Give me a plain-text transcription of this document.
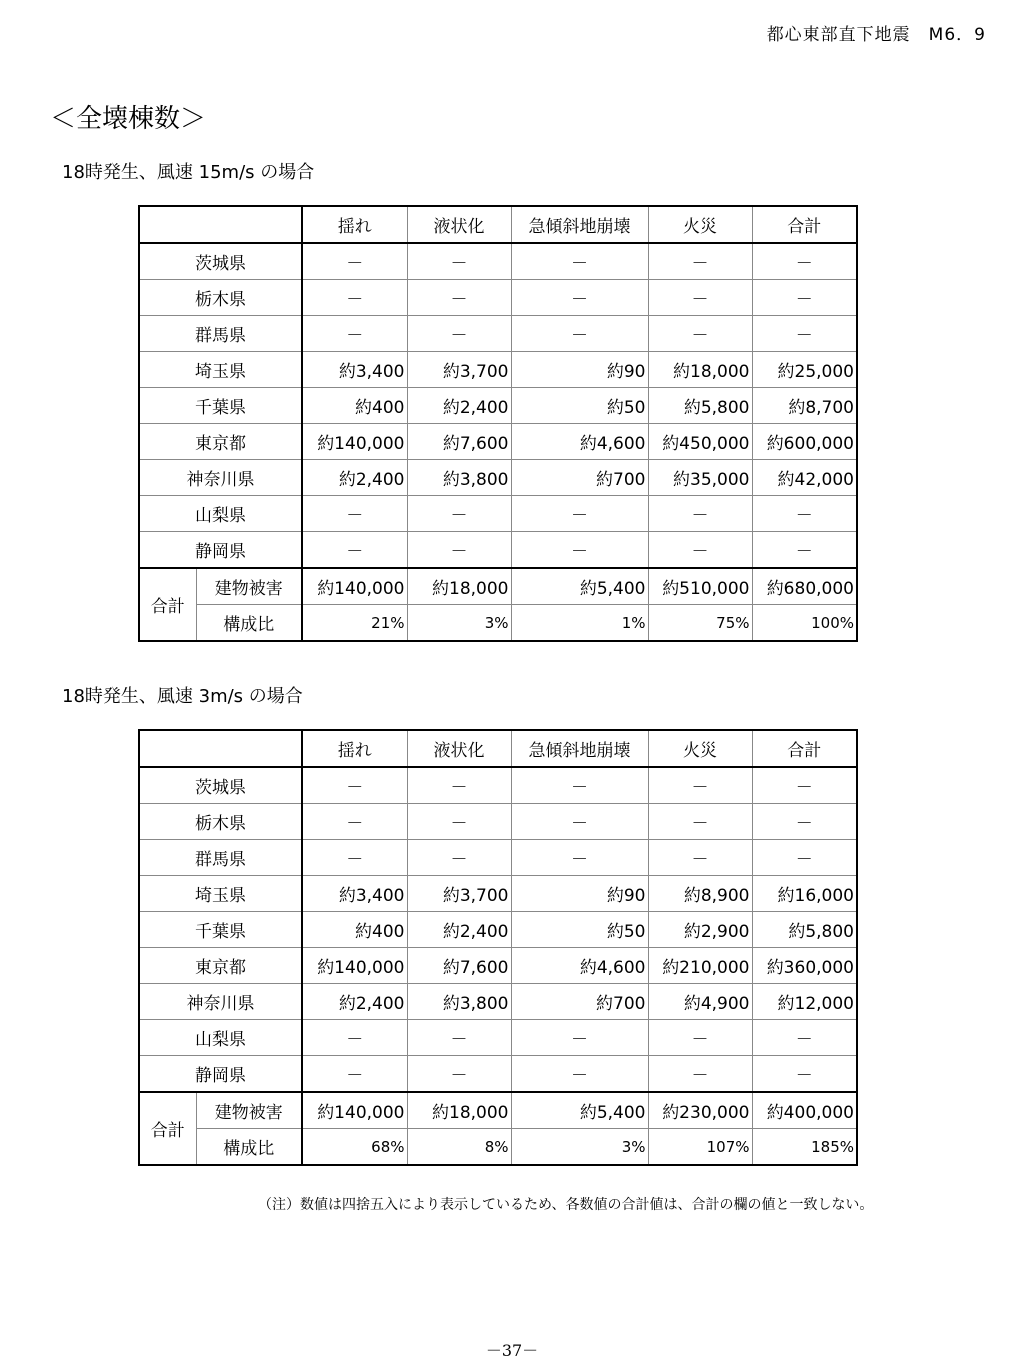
都心東部直下地震　M6．9
＜全壊棟数＞
18時発生、風速 15m/s の場合
		揺れ	液状化	急傾斜地崩壊	火災	合計
茨城県		－	－	－	－	－
栃木県		－	－	－	－	－
群馬県		－	－	－	－	－
埼玉県		約3,400	約3,700	約90	約18,000	約25,000
千葉県		約400	約2,400	約50	約5,800	約8,700
東京都		約140,000	約7,600	約4,600	約450,000	約600,000
神奈川県		約2,400	約3,800	約700	約35,000	約42,000
山梨県		－	－	－	－	－
静岡県		－	－	－	－	－
合計	建物被害	約140,000	約18,000	約5,400	約510,000	約680,000
	構成比	21%	3%	1%	75%	100%
18時発生、風速 3m/s の場合
		揺れ	液状化	急傾斜地崩壊	火災	合計
茨城県		－	－	－	－	－
栃木県		－	－	－	－	－
群馬県		－	－	－	－	－
埼玉県		約3,400	約3,700	約90	約8,900	約16,000
千葉県		約400	約2,400	約50	約2,900	約5,800
東京都		約140,000	約7,600	約4,600	約210,000	約360,000
神奈川県		約2,400	約3,800	約700	約4,900	約12,000
山梨県		－	－	－	－	－
静岡県		－	－	－	－	－
合計	建物被害	約140,000	約18,000	約5,400	約230,000	約400,000
	構成比	68%	8%	3%	107%	185%
（注）数値は四捨五入により表示しているため、各数値の合計値は、合計の欄の値と一致しない。
－37－
